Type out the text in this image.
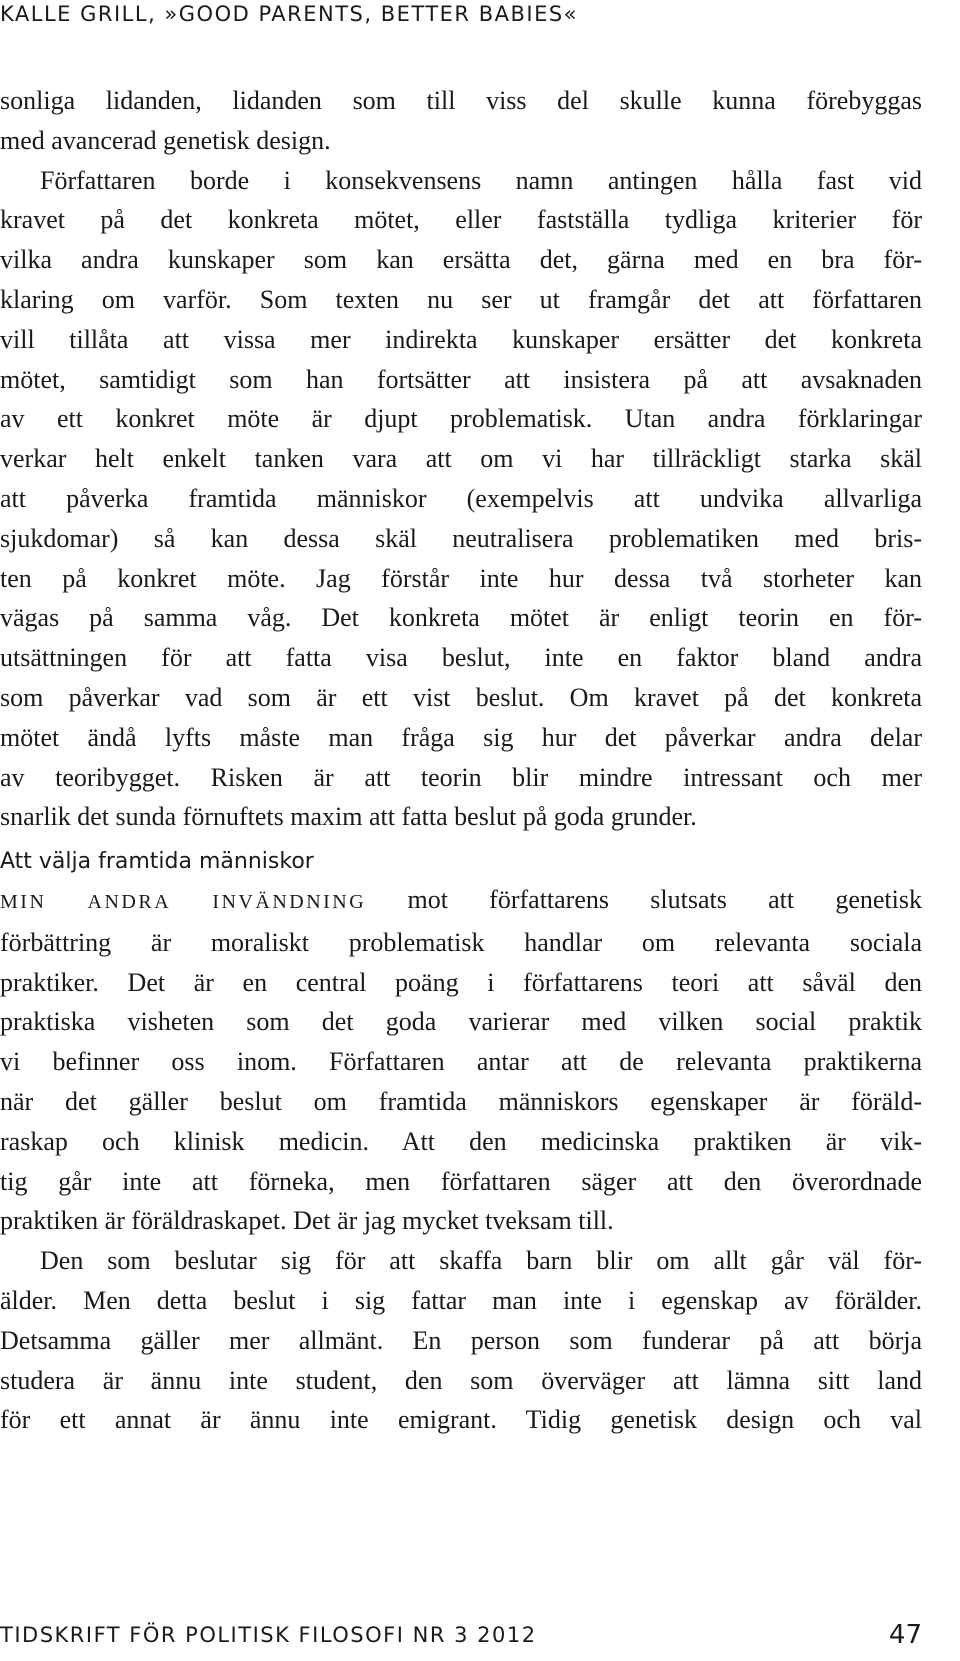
KALLE GRILL, »GOOD PARENTS, BETTER BABIES«
sonliga lidanden, lidanden som till viss del skulle kunna förebyggas
med avancerad genetisk design.
Författaren borde i konsekvensens namn antingen hålla fast vid
kravet på det konkreta mötet, eller fastställa tydliga kriterier för
vilka andra kunskaper som kan ersätta det, gärna med en bra för-
klaring om varför. Som texten nu ser ut framgår det att författaren
vill tillåta att vissa mer indirekta kunskaper ersätter det konkreta
mötet, samtidigt som han fortsätter att insistera på att avsaknaden
av ett konkret möte är djupt problematisk. Utan andra förklaringar
verkar helt enkelt tanken vara att om vi har tillräckligt starka skäl
att påverka framtida människor (exempelvis att undvika allvarliga
sjukdomar) så kan dessa skäl neutralisera problematiken med bris-
ten på konkret möte. Jag förstår inte hur dessa två storheter kan
vägas på samma våg. Det konkreta mötet är enligt teorin en för-
utsättningen för att fatta visa beslut, inte en faktor bland andra
som påverkar vad som är ett vist beslut. Om kravet på det konkreta
mötet ändå lyfts måste man fråga sig hur det påverkar andra delar
av teoribygget. Risken är att teorin blir mindre intressant och mer
snarlik det sunda förnuftets maxim att fatta beslut på goda grunder.
Att välja framtida människor
MIN ANDRA INVÄNDNING mot författarens slutsats att genetisk
förbättring är moraliskt problematisk handlar om relevanta sociala
praktiker. Det är en central poäng i författarens teori att såväl den
praktiska visheten som det goda varierar med vilken social praktik
vi befinner oss inom. Författaren antar att de relevanta praktikerna
när det gäller beslut om framtida människors egenskaper är föräld-
raskap och klinisk medicin. Att den medicinska praktiken är vik-
tig går inte att förneka, men författaren säger att den överordnade
praktiken är föräldraskapet. Det är jag mycket tveksam till.
Den som beslutar sig för att skaffa barn blir om allt går väl för-
älder. Men detta beslut i sig fattar man inte i egenskap av förälder.
Detsamma gäller mer allmänt. En person som funderar på att börja
studera är ännu inte student, den som överväger att lämna sitt land
för ett annat är ännu inte emigrant. Tidig genetisk design och val
TIDSKRIFT FÖR POLITISK FILOSOFI NR 3 2012	47
